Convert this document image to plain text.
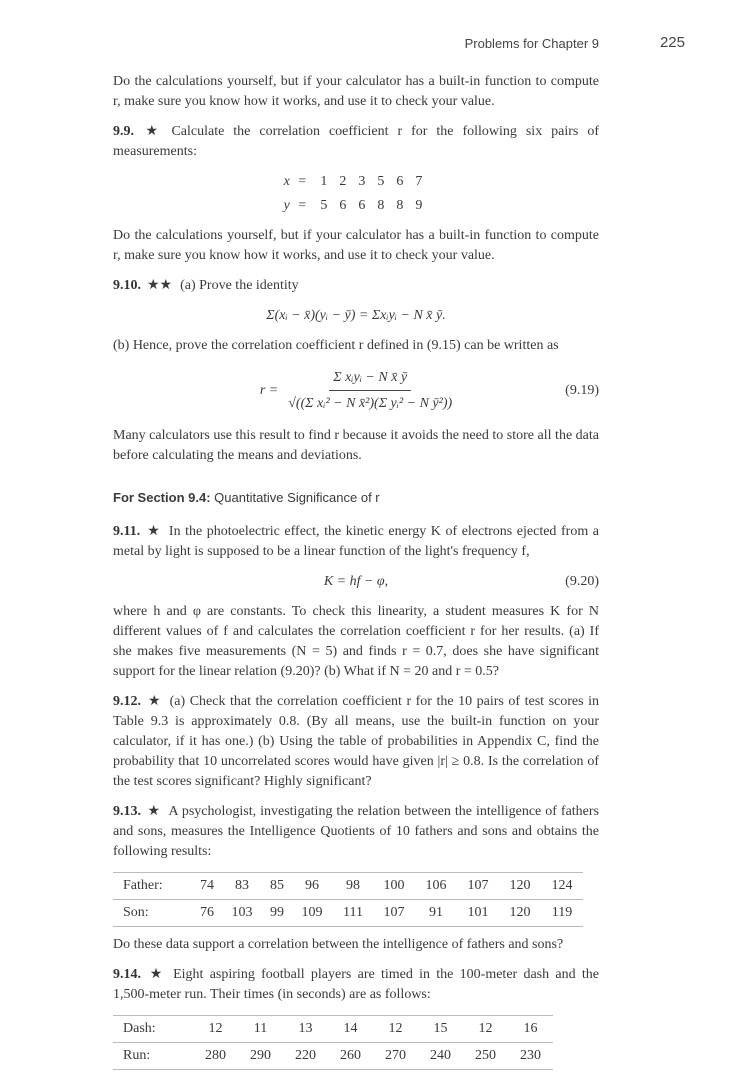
Problems for Chapter 9	225

Do the calculations yourself, but if your calculator has a built-in function to compute r, make sure you know how it works, and use it to check your value.

9.9. ★ Calculate the correlation coefficient r for the following six pairs of measurements:

x = 1 2 3 5 6 7
y = 5 6 6 8 8 9

Do the calculations yourself, but if your calculator has a built-in function to compute r, make sure you know how it works, and use it to check your value.

9.10. ★★ (a) Prove the identity

Σ(xᵢ − x̄)(yᵢ − ȳ) = Σxᵢyᵢ − N x̄ ȳ.

(b) Hence, prove the correlation coefficient r defined in (9.15) can be written as

$r = \frac{\text{Σ xᵢyᵢ − N x̄ ȳ}}{\text{√((Σ xᵢ² − N x̄²)(Σ yᵢ² − N ȳ²))}}$	(9.19)

Many calculators use this result to find r because it avoids the need to store all the data before calculating the means and deviations.

For Section 9.4: Quantitative Significance of r

9.11. ★ In the photoelectric effect, the kinetic energy K of electrons ejected from a metal by light is supposed to be a linear function of the light's frequency f,

K = hf − φ,	(9.20)

where h and φ are constants. To check this linearity, a student measures K for N different values of f and calculates the correlation coefficient r for her results. (a) If she makes five measurements (N = 5) and finds r = 0.7, does she have significant support for the linear relation (9.20)? (b) What if N = 20 and r = 0.5?

9.12. ★ (a) Check that the correlation coefficient r for the 10 pairs of test scores in Table 9.3 is approximately 0.8. (By all means, use the built-in function on your calculator, if it has one.) (b) Using the table of probabilities in Appendix C, find the probability that 10 uncorrelated scores would have given |r| ≥ 0.8. Is the correlation of the test scores significant? Highly significant?

9.13. ★ A psychologist, investigating the relation between the intelligence of fathers and sons, measures the Intelligence Quotients of 10 fathers and sons and obtains the following results:

Father:	74	83	85	96	98	100	106	107	120	124
Son:	76	103	99	109	111	107	91	101	120	119

Do these data support a correlation between the intelligence of fathers and sons?

9.14. ★ Eight aspiring football players are timed in the 100-meter dash and the 1,500-meter run. Their times (in seconds) are as follows:

Dash:	12	11	13	14	12	15	12	16
Run:	280	290	220	260	270	240	250	230
